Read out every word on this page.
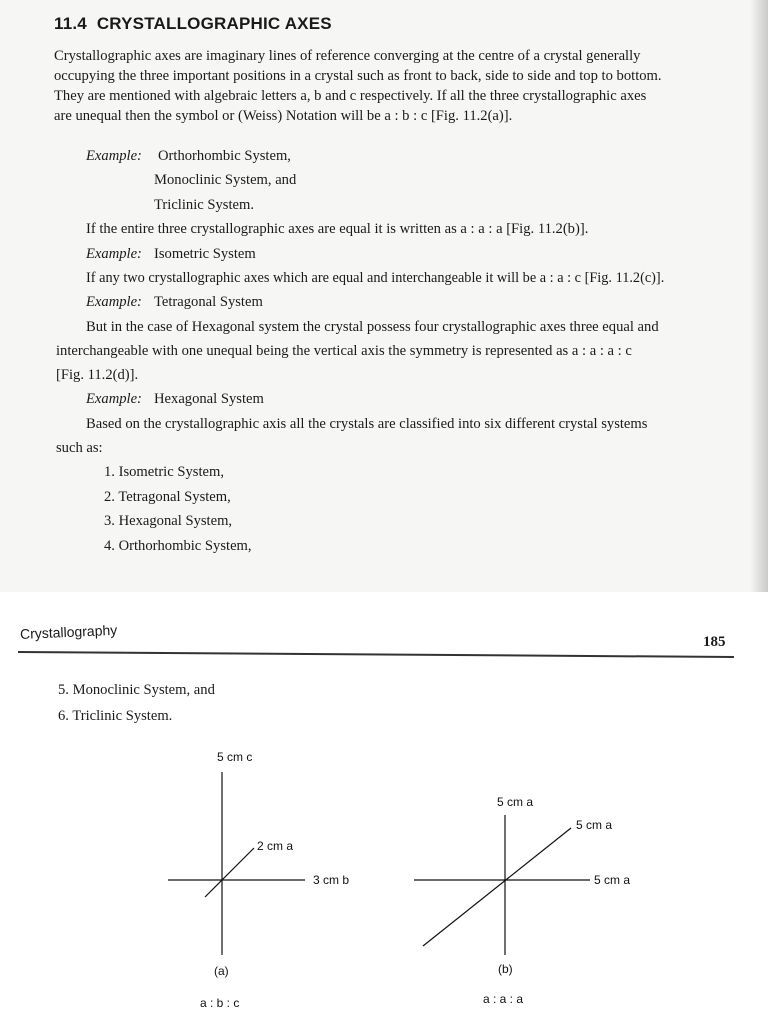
11.4 CRYSTALLOGRAPHIC AXES
Crystallographic axes are imaginary lines of reference converging at the centre of a crystal generally
occupying the three important positions in a crystal such as front to back, side to side and top to bottom.
They are mentioned with algebraic letters a, b and c respectively. If all the three crystallographic axes
are unequal then the symbol or (Weiss) Notation will be a : b : c [Fig. 11.2(a)].
Example: Orthorhombic System,
Monoclinic System, and
Triclinic System.
If the entire three crystallographic axes are equal it is written as a : a : a [Fig. 11.2(b)].
Example: Isometric System
If any two crystallographic axes which are equal and interchangeable it will be a : a : c [Fig. 11.2(c)].
Example: Tetragonal System
But in the case of Hexagonal system the crystal possess four crystallographic axes three equal and
interchangeable with one unequal being the vertical axis the symmetry is represented as a : a : a : c
[Fig. 11.2(d)].
Example: Hexagonal System
Based on the crystallographic axis all the crystals are classified into six different crystal systems
such as:
1. Isometric System,
2. Tetragonal System,
3. Hexagonal System,
4. Orthorhombic System,
Crystallography
185
5. Monoclinic System, and
6. Triclinic System.
5 cm c
2 cm a
3 cm b
(a)
a : b : c
5 cm a
5 cm a
5 cm a
(b)
a : a : a
